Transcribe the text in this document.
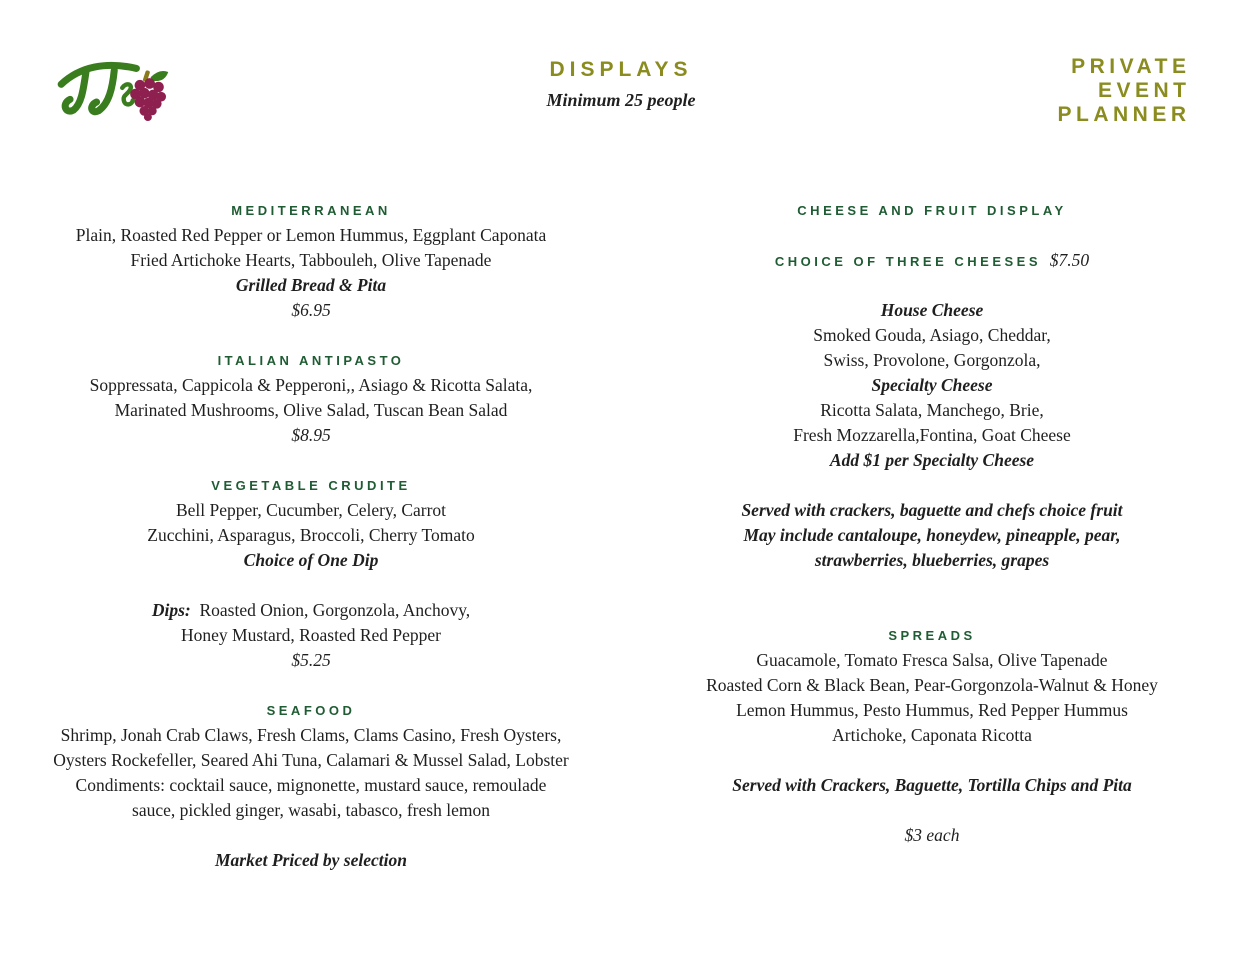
DISPLAYS
Minimum 25 people
PRIVATE
EVENT
PLANNER
MEDITERRANEAN
Plain, Roasted Red Pepper or Lemon Hummus, Eggplant Caponata
Fried Artichoke Hearts, Tabbouleh, Olive Tapenade
Grilled Bread & Pita
$6.95
ITALIAN ANTIPASTO
Soppressata, Cappicola & Pepperoni,, Asiago & Ricotta Salata,
Marinated Mushrooms, Olive Salad, Tuscan Bean Salad
$8.95
VEGETABLE CRUDITE
Bell Pepper, Cucumber, Celery, Carrot
Zucchini, Asparagus, Broccoli, Cherry Tomato
Choice of One Dip
Dips:  Roasted Onion, Gorgonzola, Anchovy,
Honey Mustard, Roasted Red Pepper
$5.25
SEAFOOD
Shrimp, Jonah Crab Claws, Fresh Clams, Clams Casino, Fresh Oysters,
Oysters Rockefeller, Seared Ahi Tuna, Calamari & Mussel Salad, Lobster
Condiments: cocktail sauce, mignonette, mustard sauce, remoulade
sauce, pickled ginger, wasabi, tabasco, fresh lemon
Market Priced by selection
CHEESE AND FRUIT DISPLAY
CHOICE OF THREE CHEESES  $7.50
House Cheese
Smoked Gouda, Asiago, Cheddar,
Swiss, Provolone, Gorgonzola,
Specialty Cheese
Ricotta Salata, Manchego, Brie,
Fresh Mozzarella,Fontina, Goat Cheese
Add $1 per Specialty Cheese
Served with crackers, baguette and chefs choice fruit
May include cantaloupe, honeydew, pineapple, pear,
strawberries, blueberries, grapes
SPREADS
Guacamole, Tomato Fresca Salsa, Olive Tapenade
Roasted Corn & Black Bean, Pear-Gorgonzola-Walnut & Honey
Lemon Hummus, Pesto Hummus, Red Pepper Hummus
Artichoke, Caponata Ricotta
Served with Crackers, Baguette, Tortilla Chips and Pita
$3 each
